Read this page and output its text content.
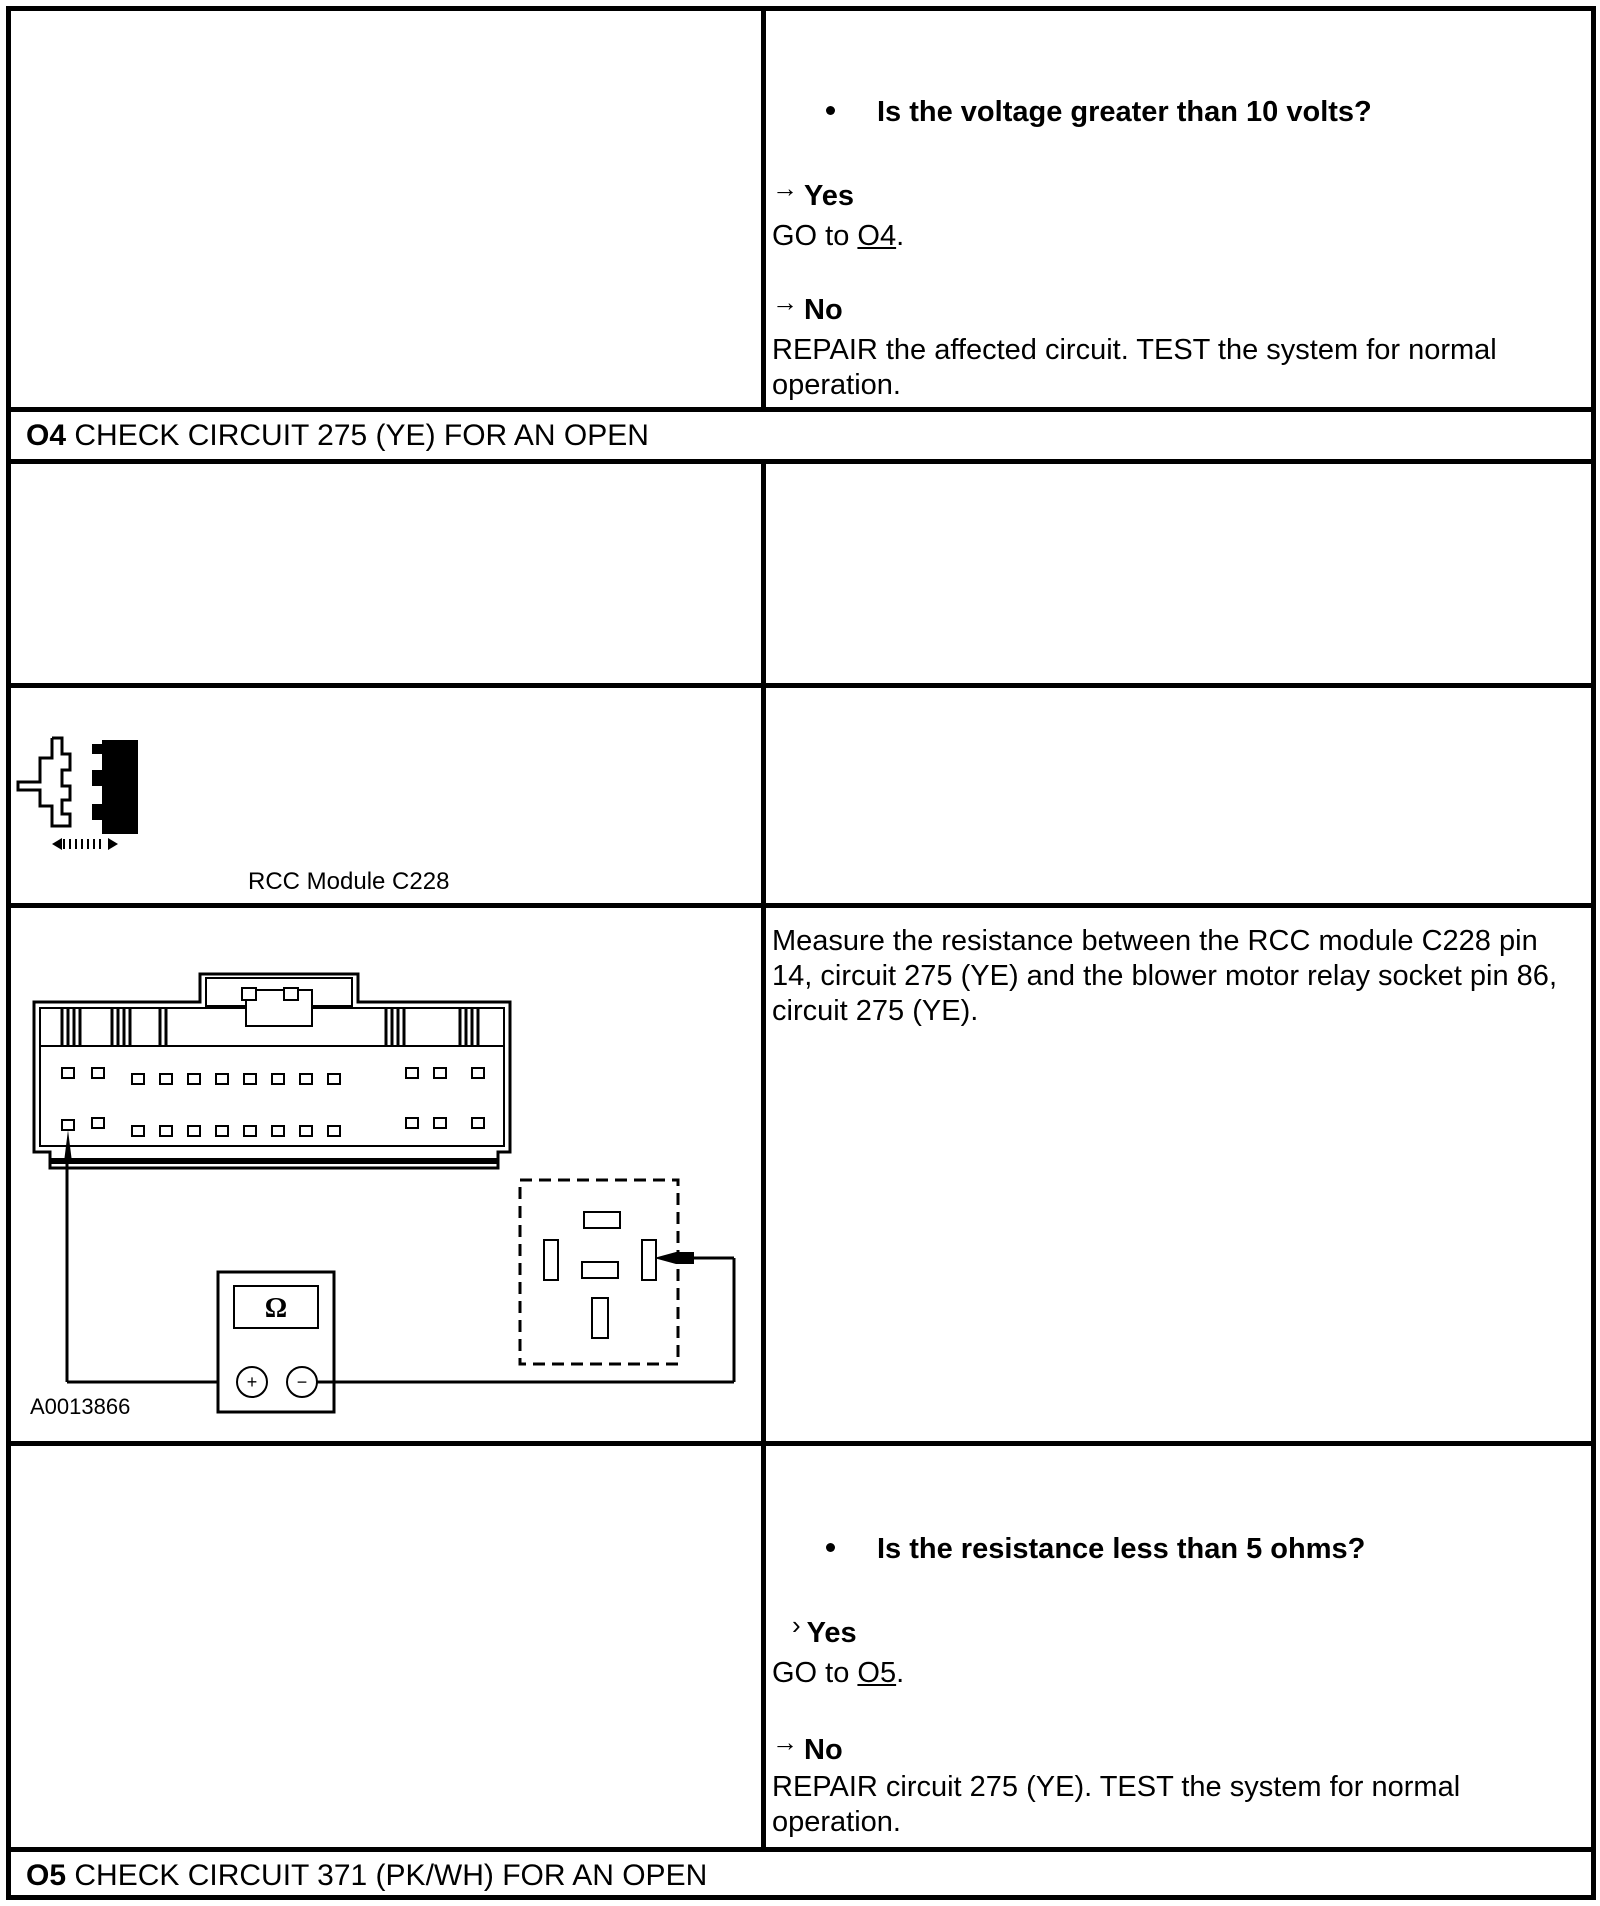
Is the voltage greater than 10 volts?
→ Yes
GO to O4.
→ No
REPAIR the affected circuit. TEST the system for normal operation.
O4 CHECK CIRCUIT 275 (YE) FOR AN OPEN
RCC Module C228
Ω
+ −
A0013866
Measure the resistance between the RCC module C228 pin 14, circuit 275 (YE) and the blower motor relay socket pin 86, circuit 275 (YE).
Is the resistance less than 5 ohms?
› Yes
GO to O5.
→ No
REPAIR circuit 275 (YE). TEST the system for normal operation.
O5 CHECK CIRCUIT 371 (PK/WH) FOR AN OPEN
